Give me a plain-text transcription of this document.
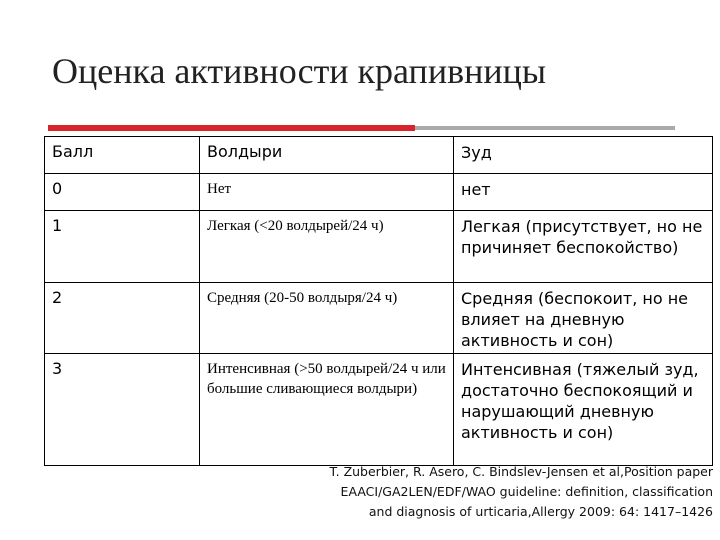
Оценка активности крапивницы
Балл	Волдыри	Зуд

0	Нет	нет

1	Легкая (<20 волдырей/24 ч)	Легкая (присутствует, но не причиняет беспокойство)

2	Средняя (20-50 волдыря/24 ч)	Средняя (беспокоит, но не влияет на дневную активность и сон)

3	Интенсивная (>50 волдырей/24 ч или большие сливающиеся волдыри)	Интенсивная (тяжелый зуд, достаточно беспокоящий и нарушающий дневную активность и сон)
T. Zuberbier, R. Asero, C. Bindslev-Jensen et al,Position paper
EAACI/GA2LEN/EDF/WAO guideline: definition, classification
and diagnosis of urticaria,Allergy 2009: 64: 1417–1426
